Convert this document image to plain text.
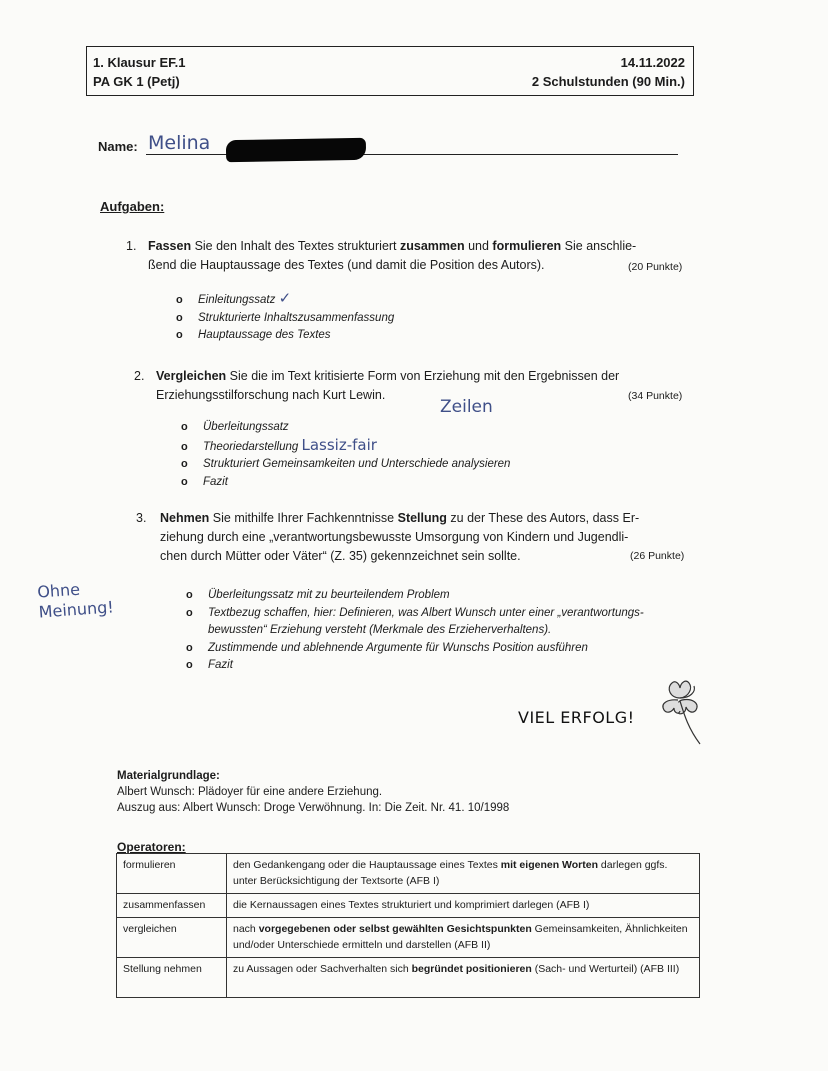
1. Klausur EF.1
PA GK 1 (Petj)
14.11.2022
2 Schulstunden (90 Min.)
Name: Melina
Aufgaben:
1. Fassen Sie den Inhalt des Textes strukturiert zusammen und formulieren Sie anschlie-
ßend die Hauptaussage des Textes (und damit die Position des Autors).	(20 Punkte)
o Einleitungssatz ✓
o Strukturierte Inhaltszusammenfassung
o Hauptaussage des Textes
2. Vergleichen Sie die im Text kritisierte Form von Erziehung mit den Ergebnissen der
Erziehungsstilforschung nach Kurt Lewin.	(34 Punkte)
Zeilen
o Überleitungssatz
o Theoriedarstellung Lassiz-fair
o Strukturiert Gemeinsamkeiten und Unterschiede analysieren
o Fazit
3. Nehmen Sie mithilfe Ihrer Fachkenntnisse Stellung zu der These des Autors, dass Er-
ziehung durch eine „verantwortungsbewusste Umsorgung von Kindern und Jugendli-
chen durch Mütter oder Väter“ (Z. 35) gekennzeichnet sein sollte.	(26 Punkte)
Ohne
Meinung!
o Überleitungssatz mit zu beurteilendem Problem
o Textbezug schaffen, hier: Definieren, was Albert Wunsch unter einer „verantwortungs-
bewussten“ Erziehung versteht (Merkmale des Erzieherverhaltens).
o Zustimmende und ablehnende Argumente für Wunschs Position ausführen
o Fazit
VIEL ERFOLG!
Materialgrundlage:
Albert Wunsch: Plädoyer für eine andere Erziehung.
Auszug aus: Albert Wunsch: Droge Verwöhnung. In: Die Zeit. Nr. 41. 10/1998
Operatoren:
formulieren	den Gedankengang oder die Hauptaussage eines Textes mit eigenen Worten darlegen ggfs. unter Berücksichtigung der Textsorte (AFB I)
zusammenfassen	die Kernaussagen eines Textes strukturiert und komprimiert darlegen (AFB I)
vergleichen	nach vorgegebenen oder selbst gewählten Gesichtspunkten Gemeinsamkeiten, Ähnlichkeiten und/oder Unterschiede ermitteln und darstellen (AFB II)
Stellung nehmen	zu Aussagen oder Sachverhalten sich begründet positionieren (Sach- und Werturteil) (AFB III)
